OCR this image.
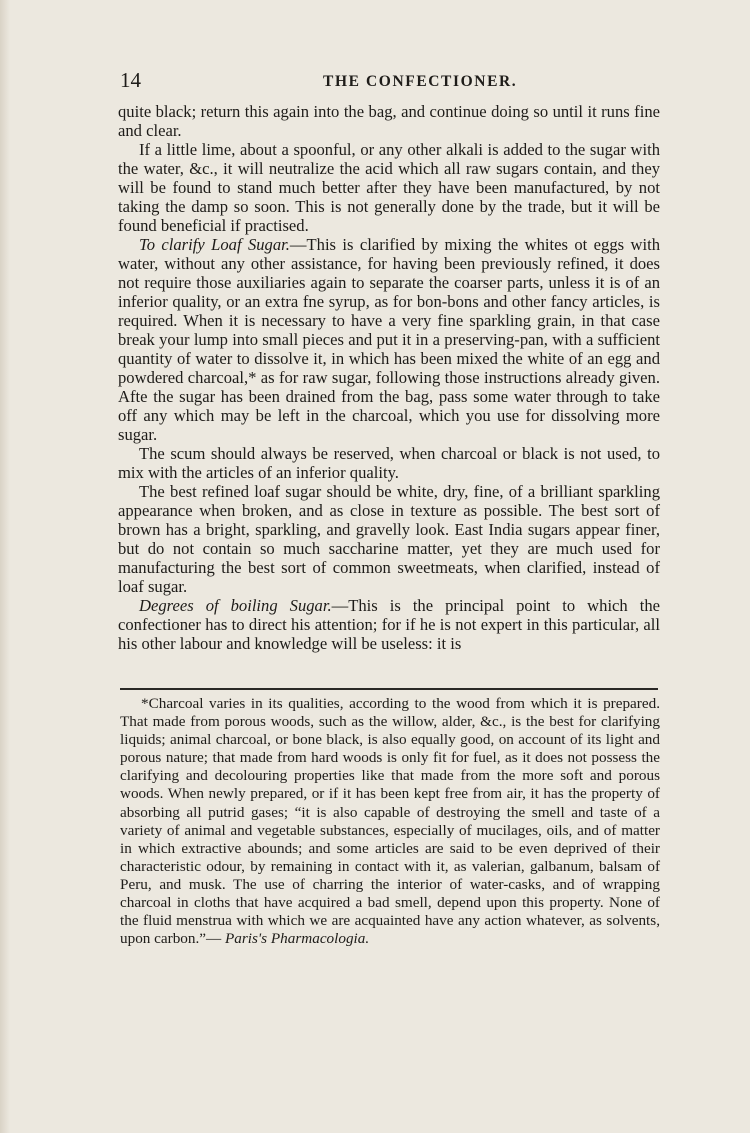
14	THE CONFECTIONER.

quite black; return this again into the bag, and continue doing so until it runs fine and clear.

If a little lime, about a spoonful, or any other alkali is added to the sugar with the water, &c., it will neutralize the acid which all raw sugars contain, and they will be found to stand much better after they have been manufactured, by not taking the damp so soon. This is not generally done by the trade, but it will be found beneficial if practised.

To clarify Loaf Sugar.—This is clarified by mixing the whites ot eggs with water, without any other assistance, for having been previously refined, it does not require those auxiliaries again to separate the coarser parts, unless it is of an inferior quality, or an extra fne syrup, as for bon-bons and other fancy articles, is required. When it is necessary to have a very fine sparkling grain, in that case break your lump into small pieces and put it in a preserving-pan, with a sufficient quantity of water to dissolve it, in which has been mixed the white of an egg and powdered charcoal,* as for raw sugar, following those instructions already given. Afte the sugar has been drained from the bag, pass some water through to take off any which may be left in the charcoal, which you use for dissolving more sugar.

The scum should always be reserved, when charcoal or black is not used, to mix with the articles of an inferior quality.

The best refined loaf sugar should be white, dry, fine, of a brilliant sparkling appearance when broken, and as close in texture as possible. The best sort of brown has a bright, sparkling, and gravelly look. East India sugars appear finer, but do not contain so much saccharine matter, yet they are much used for manufacturing the best sort of common sweetmeats, when clarified, instead of loaf sugar.

Degrees of boiling Sugar.—This is the principal point to which the confectioner has to direct his attention; for if he is not expert in this particular, all his other labour and knowledge will be useless: it is

*Charcoal varies in its qualities, according to the wood from which it is prepared. That made from porous woods, such as the willow, alder, &c., is the best for clarifying liquids; animal charcoal, or bone black, is also equally good, on account of its light and porous nature; that made from hard woods is only fit for fuel, as it does not possess the clarifying and decolouring properties like that made from the more soft and porous woods. When newly prepared, or if it has been kept free from air, it has the property of absorbing all putrid gases; “it is also capable of destroying the smell and taste of a variety of animal and vegetable substances, especially of mucilages, oils, and of matter in which extractive abounds; and some articles are said to be even deprived of their characteristic odour, by remaining in contact with it, as valerian, galbanum, balsam of Peru, and musk. The use of charring the interior of water-casks, and of wrapping charcoal in cloths that have acquired a bad smell, depend upon this property. None of the fluid menstrua with which we are acquainted have any action whatever, as solvents, upon carbon.”— Paris's Pharmacologia.
